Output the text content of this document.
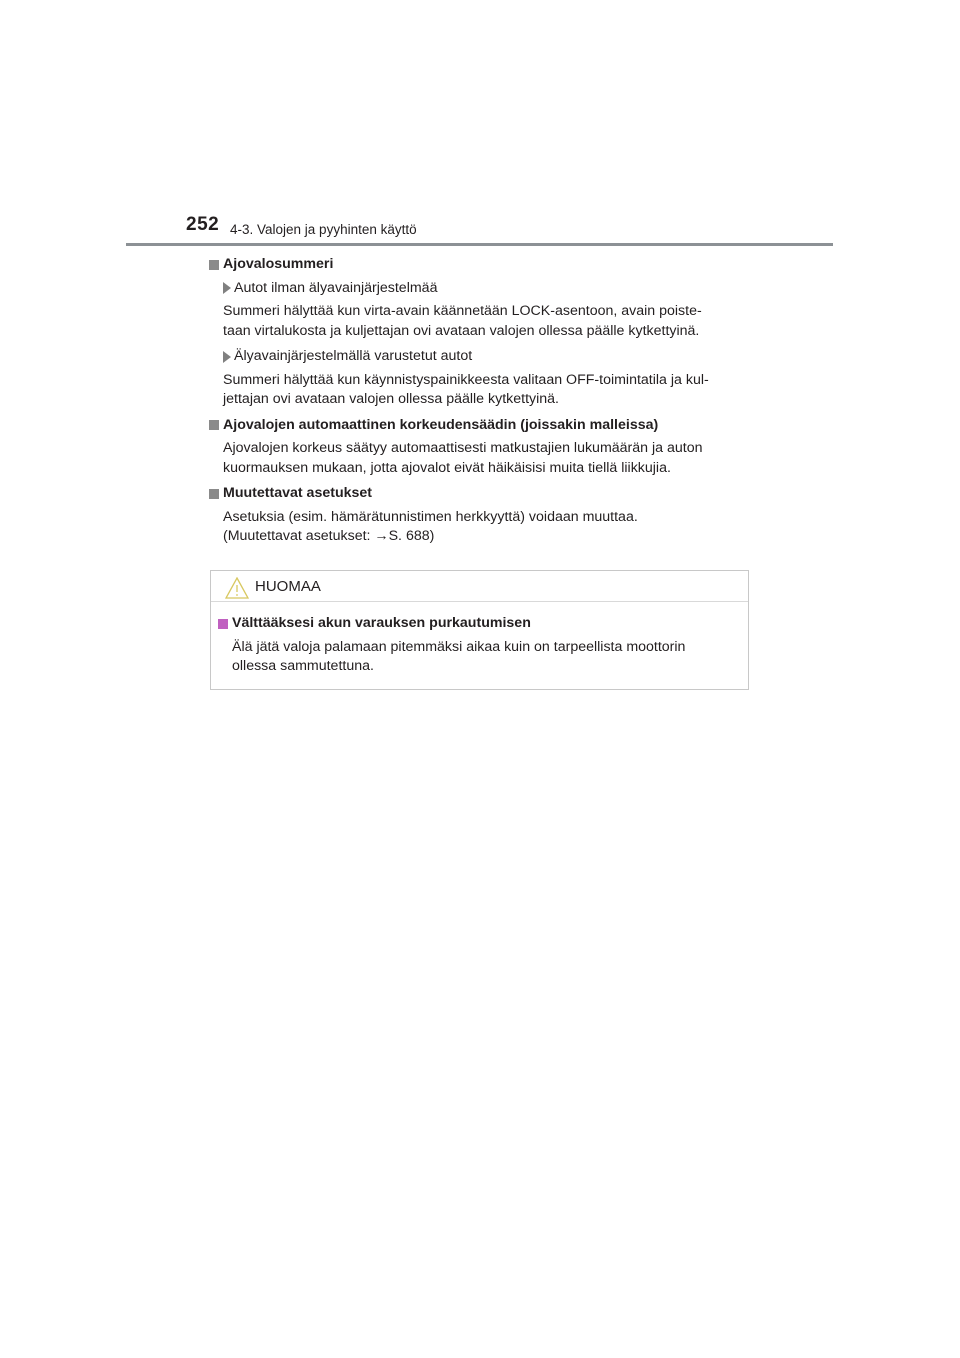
252 4-3. Valojen ja pyyhinten käyttö
Ajovalosummeri
Autot ilman älyavainjärjestelmää
Summeri hälyttää kun virta-avain käännetään LOCK-asentoon, avain poiste-
taan virtalukosta ja kuljettajan ovi avataan valojen ollessa päälle kytkettyinä.
Älyavainjärjestelmällä varustetut autot
Summeri hälyttää kun käynnistyspainikkeesta valitaan OFF-toimintatila ja kul-
jettajan ovi avataan valojen ollessa päälle kytkettyinä.
Ajovalojen automaattinen korkeudensäädin (joissakin malleissa)
Ajovalojen korkeus säätyy automaattisesti matkustajien lukumäärän ja auton
kuormauksen mukaan, jotta ajovalot eivät häikäisisi muita tiellä liikkujia.
Muutettavat asetukset
Asetuksia (esim. hämärätunnistimen herkkyyttä) voidaan muuttaa.
(Muutettavat asetukset: →S. 688)
HUOMAA
Välttääksesi akun varauksen purkautumisen
Älä jätä valoja palamaan pitemmäksi aikaa kuin on tarpeellista moottorin
ollessa sammutettuna.
